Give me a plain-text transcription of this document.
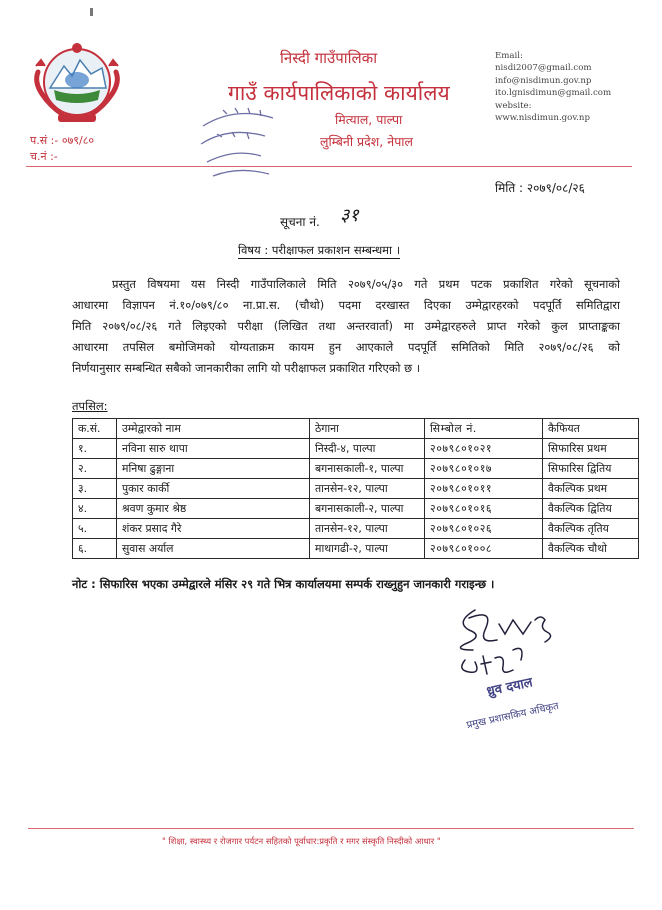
निस्दी गाउँपालिका
गाउँ कार्यपालिकाको कार्यालय
मित्याल, पाल्पा
लुम्बिनी प्रदेश, नेपाल
Email:
nisdi2007@gmail.com
info@nisdimun.gov.np
ito.lgnisdimun@gmail.com
website:
www.nisdimun.gov.np
प.सं :- ०७९/८०
च.नं :-
मिति : २०७९/०८/२६
सूचना नं. ३१
विषय : परीक्षाफल प्रकाशन सम्बन्धमा ।
प्रस्तुत विषयमा यस निस्दी गाउँपालिकाले मिति २०७९/०५/३० गते प्रथम पटक प्रकाशित गरेको सूचनाको
आधारमा विज्ञापन नं.१०/०७९/८० ना.प्रा.स. (चौथो) पदमा दरखास्त दिएका उम्मेद्वारहरको पदपूर्ति समितिद्वारा
मिति २०७९/०८/२६ गते लिइएको परीक्षा (लिखित तथा अन्तरवार्ता) मा उम्मेद्वारहरुले प्राप्त गरेको कुल प्राप्ताङ्कका
आधारमा तपसिल बमोजिमको योग्यताक्रम कायम हुन आएकाले पदपूर्ति समितिको मिति २०७९/०८/२६ को
निर्णयानुसार सम्बन्धित सबैको जानकारीका लागि यो परीक्षाफल प्रकाशित गरिएको छ ।
तपसिल:
क.सं.	उम्मेद्वारको नाम	ठेगाना	सिम्बोल नं.	कैफियत
१.	नविना सारु थापा	निस्दी-४, पाल्पा	२०७९८०१०२१	सिफारिस प्रथम
२.	मनिषा ढुङ्गाना	बगनासकाली-१, पाल्पा	२०७९८०१०१७	सिफारिस द्वितिय
३.	पुकार कार्की	तानसेन-१२, पाल्पा	२०७९८०१०११	वैकल्पिक प्रथम
४.	श्रवण कुमार श्रेष्ठ	बगनासकाली-२, पाल्पा	२०७९८०१०१६	वैकल्पिक द्वितिय
५.	शंकर प्रसाद गैरे	तानसेन-१२, पाल्पा	२०७९८०१०२६	वैकल्पिक तृतिय
६.	सुवास अर्याल	माथागढी-२, पाल्पा	२०७९८०१००८	वैकल्पिक चौथो
नोट : सिफारिस भएका उम्मेद्वारले मंसिर २९ गते भित्र कार्यालयमा सम्पर्क राख्नुहुन जानकारी गराइन्छ ।
ध्रुव दयाल
प्रमुख प्रशासकिय अधिकृत
" शिक्षा, स्वास्थ्य र रोजगार पर्यटन सहितको पूर्वाधार:प्रकृति र मगर संस्कृति निस्दीको आधार "
